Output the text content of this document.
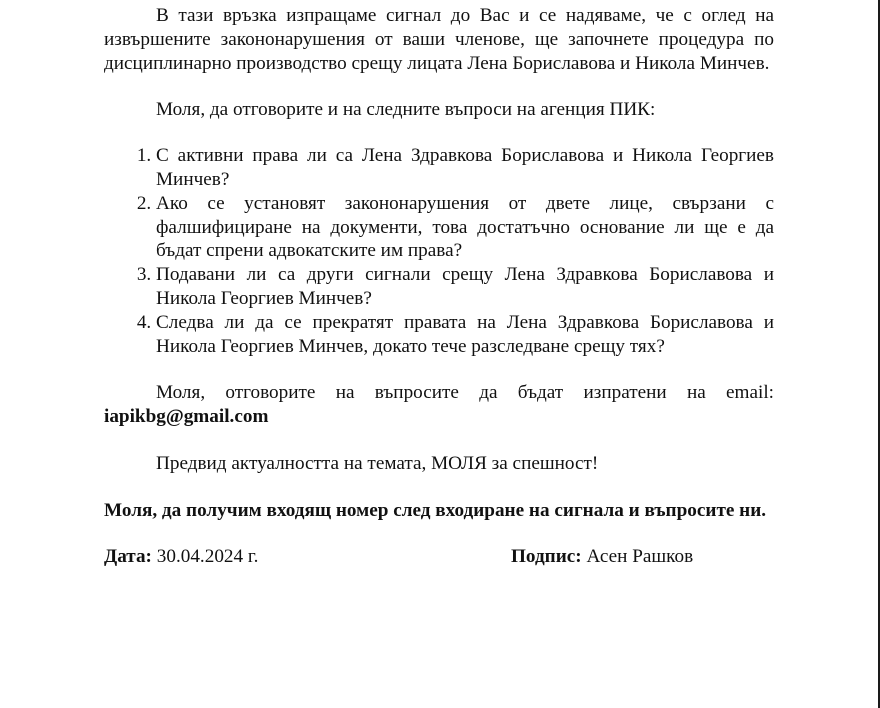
В тази връзка изпращаме сигнал до Вас и се надяваме, че с оглед на извършените закононарушения от ваши членове, ще започнете процедура по дисциплинарно производство срещу лицата Лена Бориславова и Никола Минчев.

Моля, да отговорите и на следните въпроси на агенция ПИК:

1. С активни права ли са Лена Здравкова Бориславова и Никола Георгиев Минчев?
2. Ако се установят закононарушения от двете лице, свързани с фалшифициране на документи, това достатъчно основание ли ще е да бъдат спрени адвокатските им права?
3. Подавани ли са други сигнали срещу Лена Здравкова Бориславова и Никола Георгиев Минчев?
4. Следва ли да се прекратят правата на Лена Здравкова Бориславова и Никола Георгиев Минчев, докато тече разследване срещу тях?

Моля, отговорите на въпросите да бъдат изпратени на email:

iapikbg@gmail.com

Предвид актуалността на темата, МОЛЯ за спешност!

Моля, да получим входящ номер след входиране на сигнала и въпросите ни.

Дата: 30.04.2024 г.	Подпис: Асен Рашков
